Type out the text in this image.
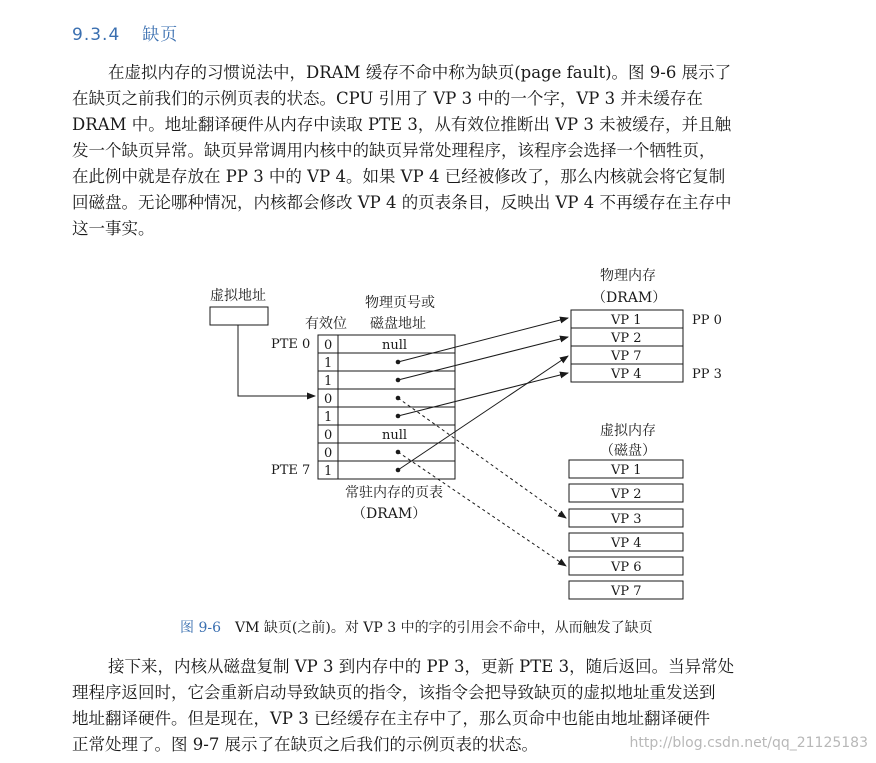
9.3.4 缺页

在虚拟内存的习惯说法中，DRAM 缓存不命中称为缺页(page fault)。图 9-6 展示了
在缺页之前我们的示例页表的状态。CPU 引用了 VP 3 中的一个字，VP 3 并未缓存在
DRAM 中。地址翻译硬件从内存中读取 PTE 3，从有效位推断出 VP 3 未被缓存，并且触
发一个缺页异常。缺页异常调用内核中的缺页异常处理程序，该程序会选择一个牺牲页，
在此例中就是存放在 PP 3 中的 VP 4。如果 VP 4 已经被修改了，那么内核就会将它复制
回磁盘。无论哪种情况，内核都会修改 VP 4 的页表条目，反映出 VP 4 不再缓存在主存中
这一事实。

虚拟地址	物理页号或
磁盘地址
有效位
PTE 0
PTE 7
0
1
1
0
1
0
0
1
null
null
常驻内存的页表
（DRAM）
物理内存
（DRAM）
VP 1
VP 2
VP 7
VP 4
PP 0
PP 3
虚拟内存
（磁盘）
VP 1
VP 2
VP 3
VP 4
VP 6
VP 7
图 9-6 VM 缺页(之前)。对 VP 3 中的字的引用会不命中，从而触发了缺页

接下来，内核从磁盘复制 VP 3 到内存中的 PP 3，更新 PTE 3，随后返回。当异常处
理程序返回时，它会重新启动导致缺页的指令，该指令会把导致缺页的虚拟地址重发送到
地址翻译硬件。但是现在，VP 3 已经缓存在主存中了，那么页命中也能由地址翻译硬件
正常处理了。图 9-7 展示了在缺页之后我们的示例页表的状态。	http://blog.csdn.net/qq_21125183
